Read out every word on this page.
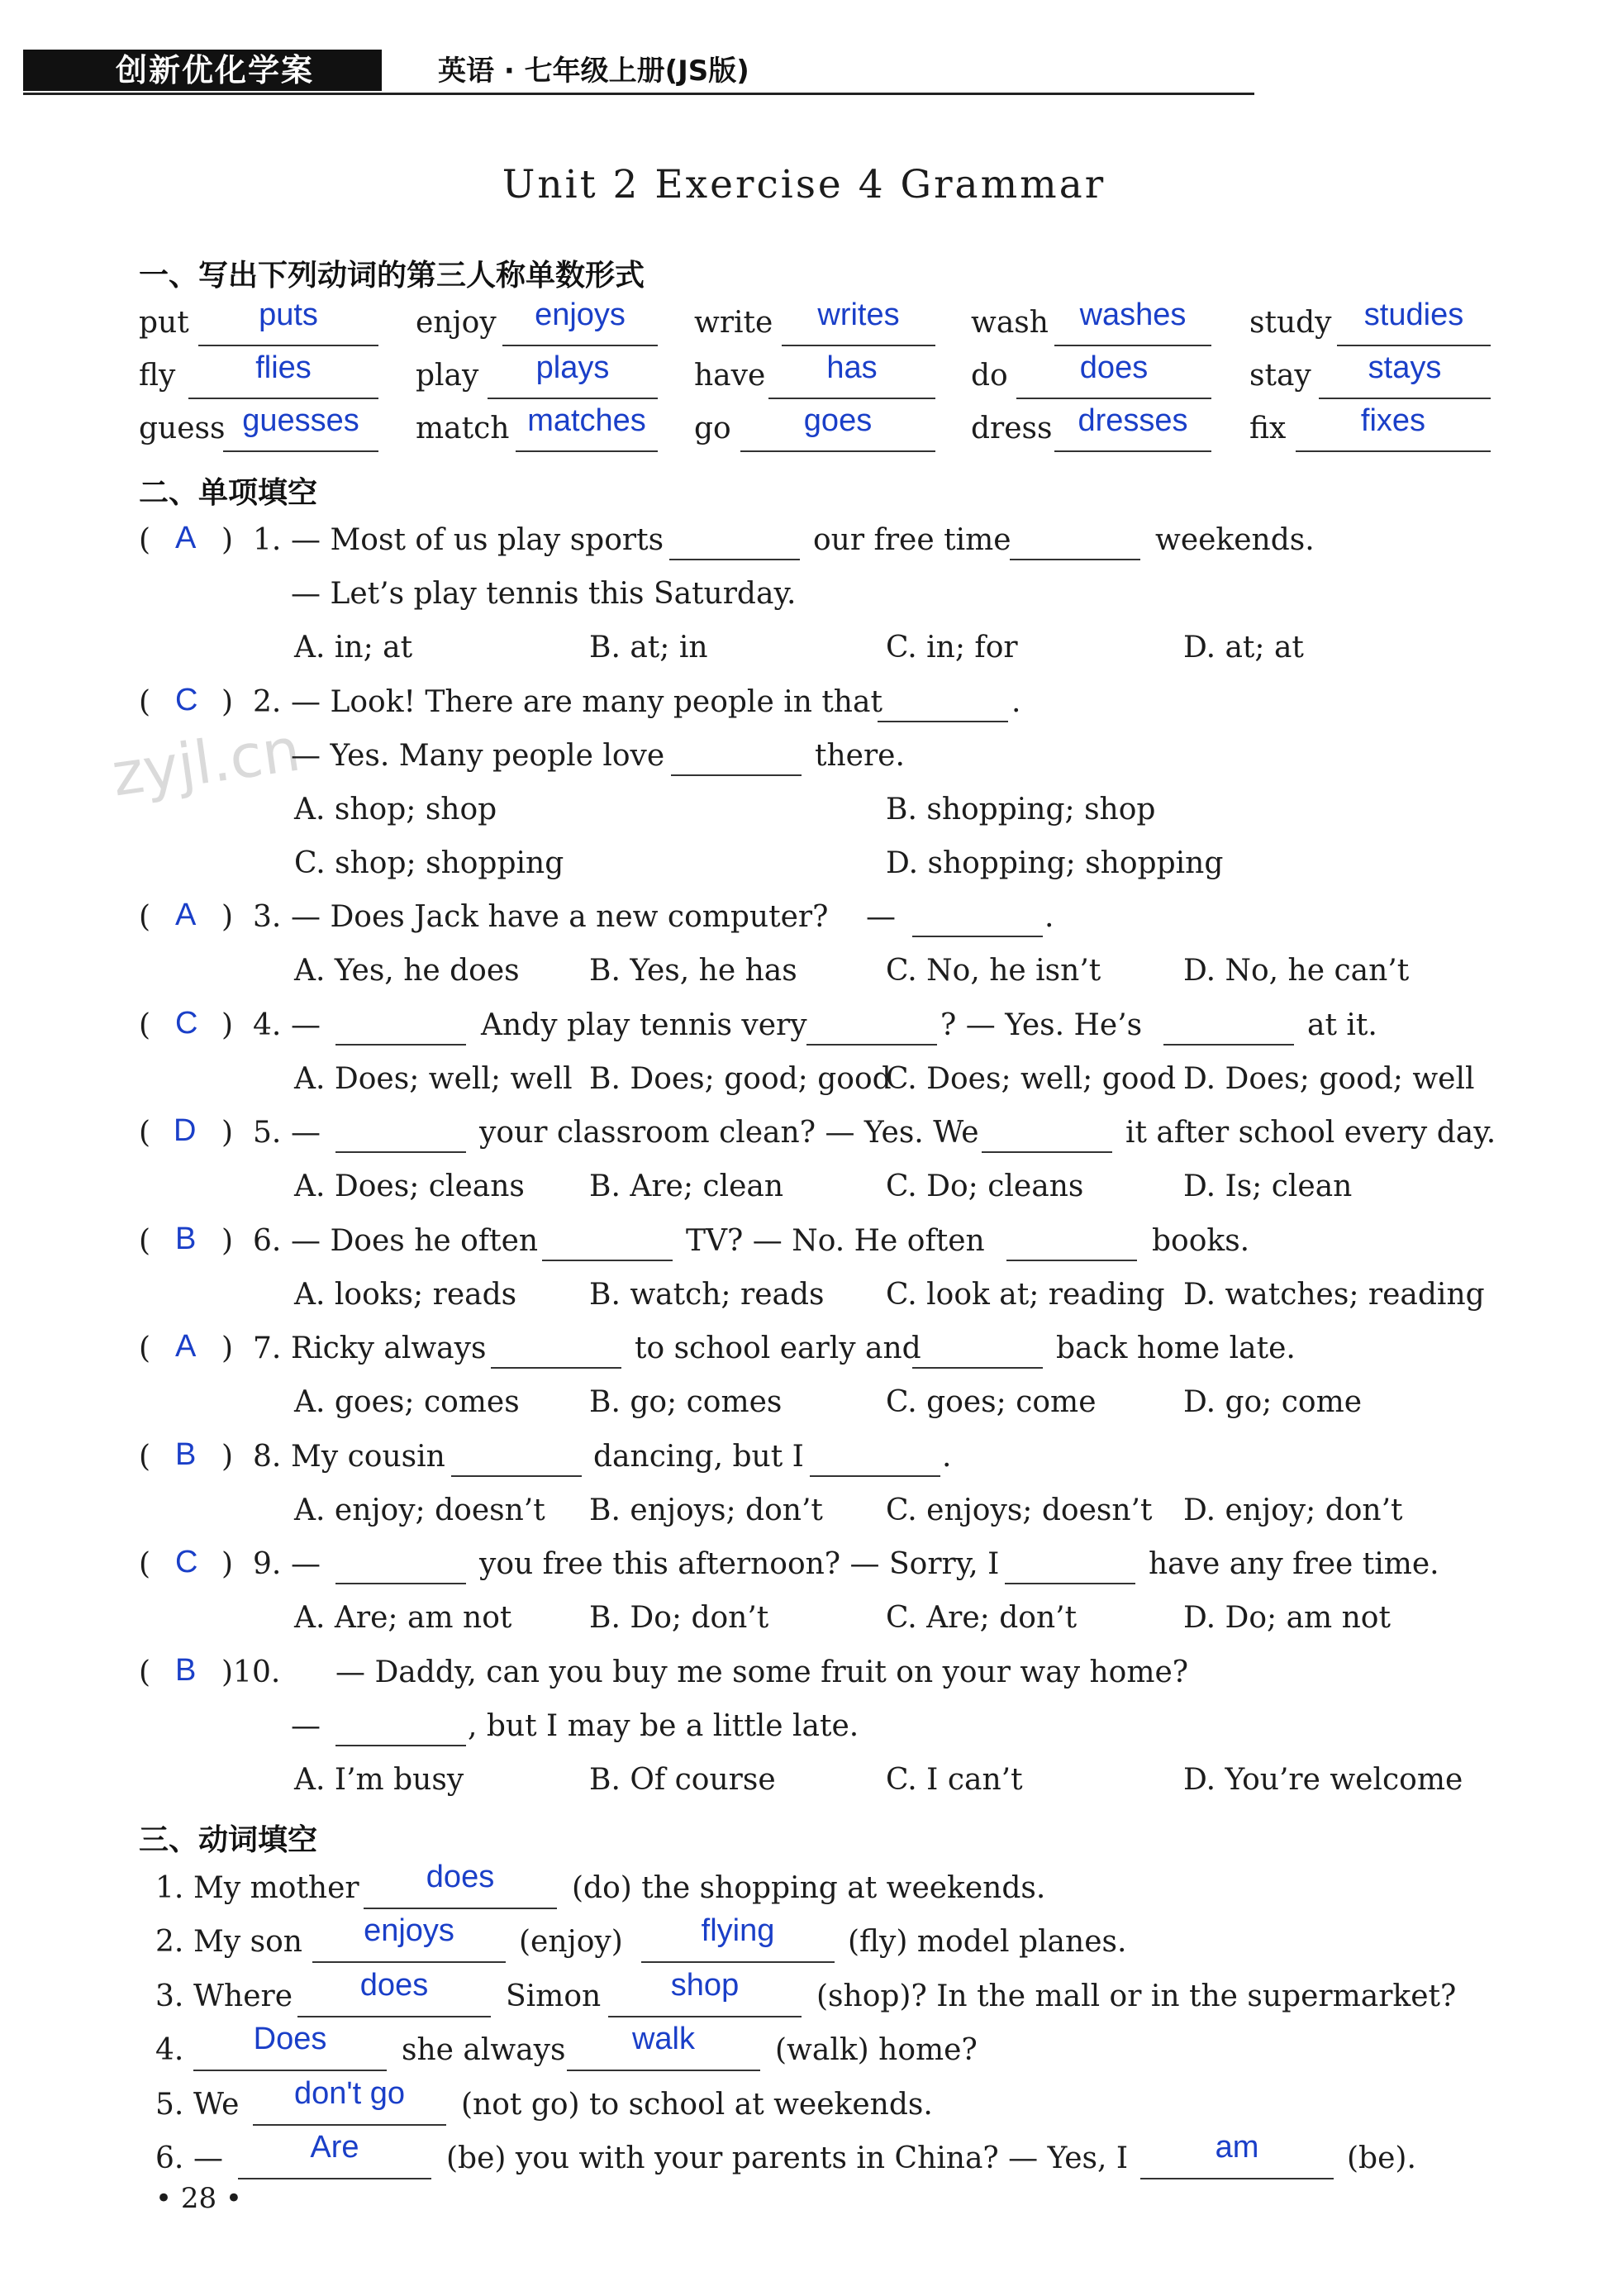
创新优化学案	英语 · 七年级上册(JS版)
Unit 2 Exercise 4 Grammar
一、写出下列动词的第三人称单数形式
put	puts	enjoy	enjoys	write	writes	wash washes	study	studies
fly	flies	play	plays	have	has	do	does	stay	stays
guess guesses	match matches	go	goes	dress dresses	fix	fixes
二、单项填空
zyjl.cn
( A ) 1. — Most of us play sports	our free time	weekends.
— Let’s play tennis this Saturday.
A. in; at	B. at; in	C. in; for	D. at; at
( C ) 2. — Look! There are many people in that	.
— Yes. Many people love	there.
A. shop; shop	B. shopping; shop
C. shop; shopping	D. shopping; shopping
( A ) 3. — Does Jack have a new computer? —	.
A. Yes, he does B. Yes, he has	C. No, he isn’t	D. No, he can’t
( C ) 4. —	Andy play tennis very	? — Yes. He’s	at it.
A. Does; well; well B. Does; good; good
C. Does; well; good D. Does; good; well
( D ) 5. —	your classroom clean? — Yes. We	it after school every day.
A. Does; cleans B. Are; clean	C. Do; cleans	D. Is; clean
( B ) 6. — Does he often	TV? — No. He often	books.
A. looks; reads B. watch; reads C. look at; reading D. watches; reading
( A ) 7. Ricky always	to school early and	back home late.
A. goes; comes B. go; comes	C. goes; come	D. go; come
( B ) 8. My cousin	dancing, but I	.
A. enjoy; doesn’t B. enjoys; don’t C. enjoys; doesn’t D. enjoy; don’t
( C ) 9. —	you free this afternoon? — Sorry, I	have any free time.
A. Are; am not	B. Do; don’t	C. Are; don’t	D. Do; am not
( B )10. — Daddy, can you buy me some fruit on your way home?
—	, but I may be a little late.
A. I’m busy	B. Of course	C. I can’t	D. You’re welcome
三、动词填空
1. My mother	does	(do) the shopping at weekends.
2. My son	enjoys	(enjoy)	flying	(fly) model planes.
3. Where	does	Simon	shop	(shop)? In the mall or in the supermarket?
4.	Does	she always	walk	(walk) home?
5. We	don't go	(not go) to school at weekends.
6. —	Are	(be) you with your parents in China? — Yes, I	am	(be).
• 28 •
